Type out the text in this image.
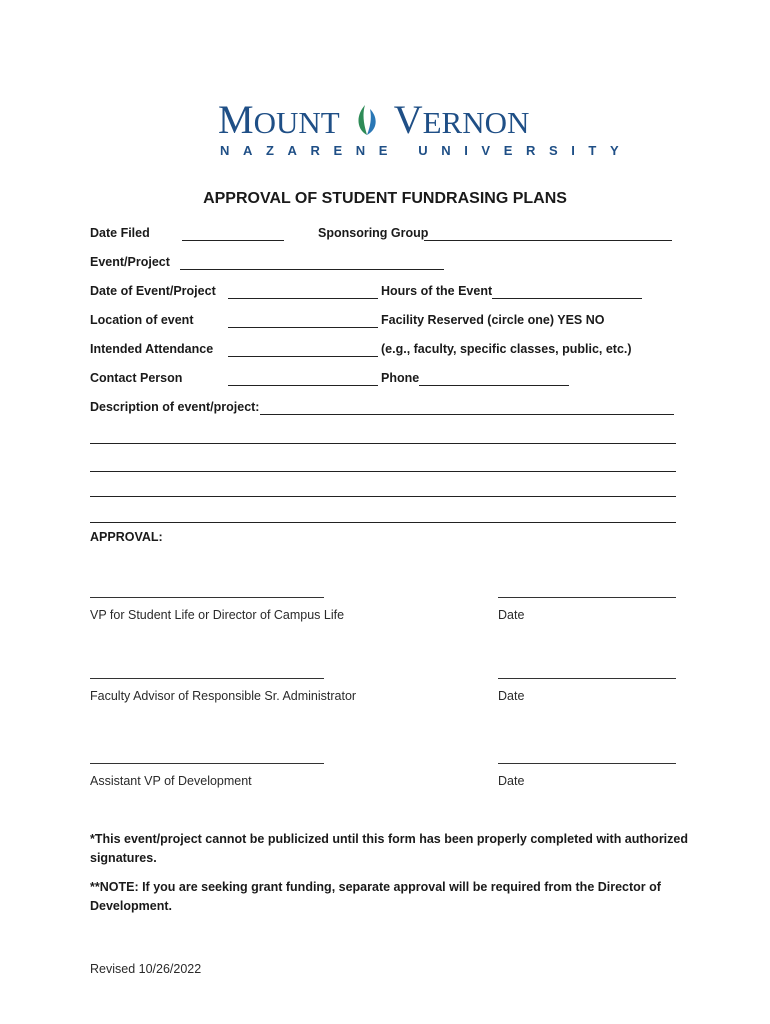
MOUNT VERNON
NAZARENE UNIVERSITY
APPROVAL OF STUDENT FUNDRASING PLANS
Date Filed	Sponsoring Group
Event/Project
Date of Event/Project	Hours of the Event
Location of event	Facility Reserved (circle one) YES NO
Intended Attendance	(e.g., faculty, specific classes, public, etc.)
Contact Person	Phone
Description of event/project:
APPROVAL:
VP for Student Life or Director of Campus Life	Date
Faculty Advisor of Responsible Sr. Administrator	Date
Assistant VP of Development	Date
*This event/project cannot be publicized until this form has been properly completed with authorized signatures.
**NOTE: If you are seeking grant funding, separate approval will be required from the Director of Development.
Revised 10/26/2022
